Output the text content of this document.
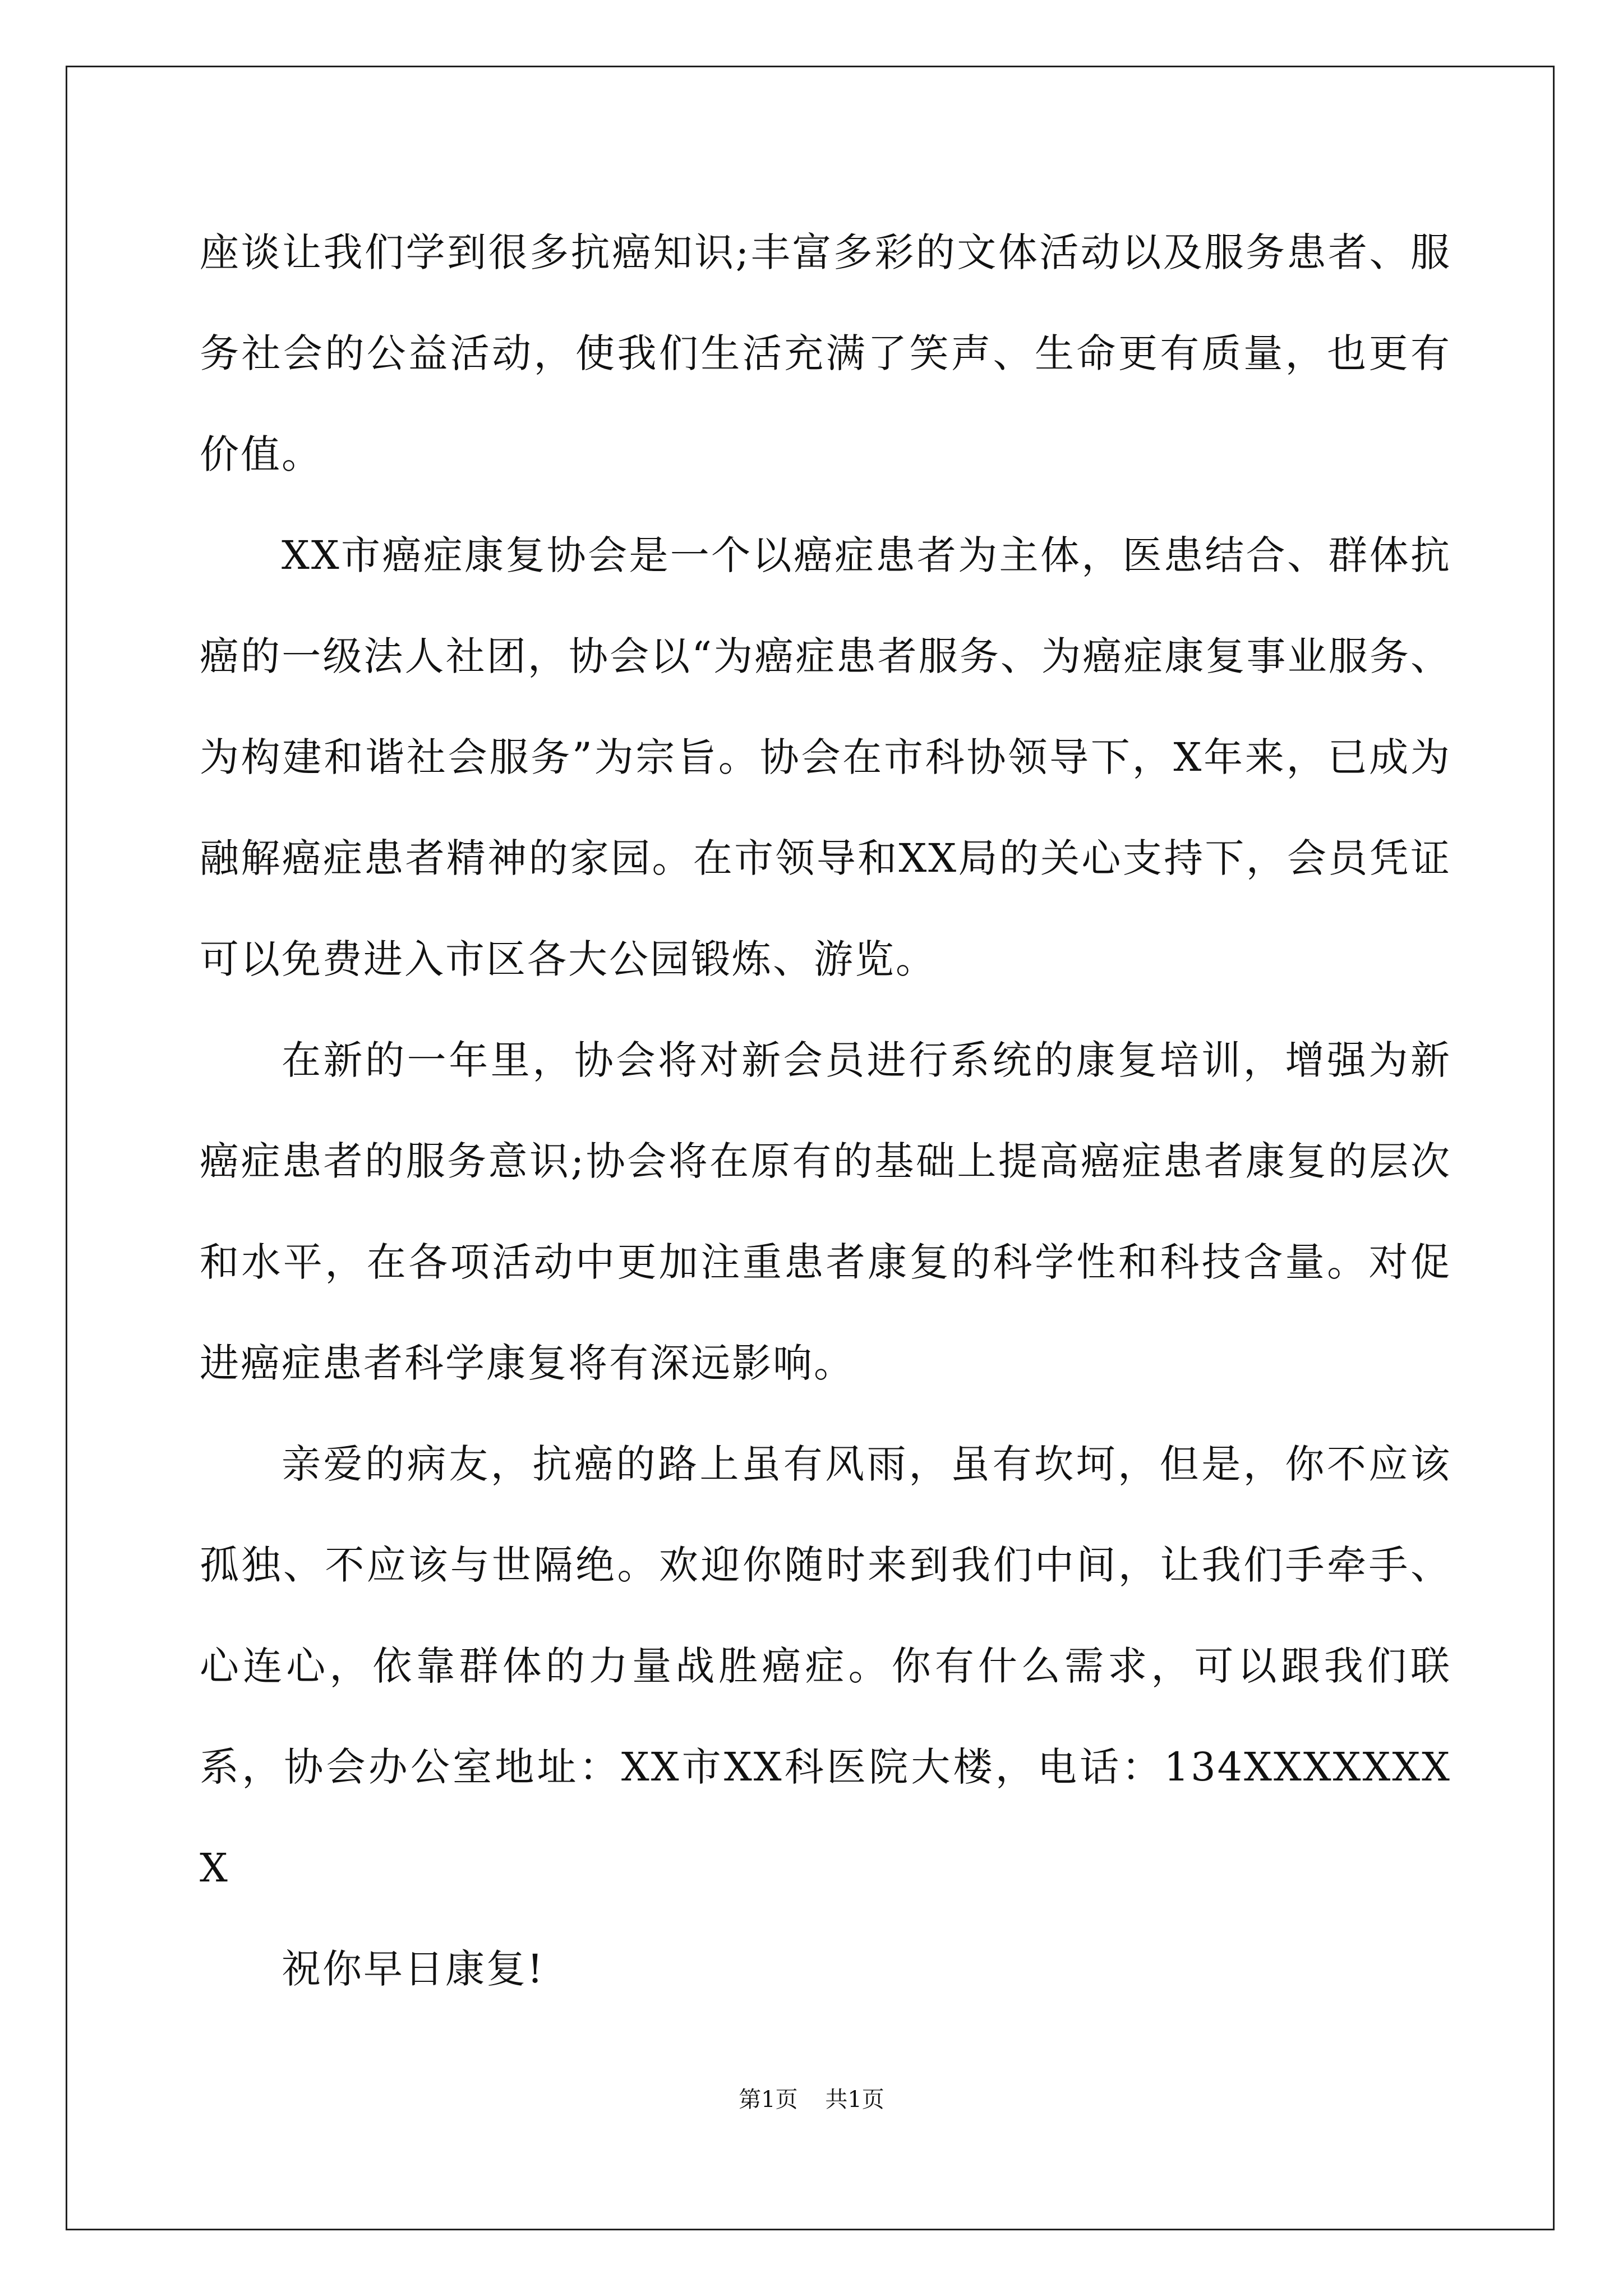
座谈让我们学到很多抗癌知识;丰富多彩的文体活动以及服务患者、服务社会的公益活动，使我们生活充满了笑声、生命更有质量，也更有价值。

XX市癌症康复协会是一个以癌症患者为主体，医患结合、群体抗癌的一级法人社团，协会以“为癌症患者服务、为癌症康复事业服务、为构建和谐社会服务”为宗旨。协会在市科协领导下，X年来，已成为融解癌症患者精神的家园。在市领导和XX局的关心支持下，会员凭证可以免费进入市区各大公园锻炼、游览。

在新的一年里，协会将对新会员进行系统的康复培训，增强为新癌症患者的服务意识;协会将在原有的基础上提高癌症患者康复的层次和水平，在各项活动中更加注重患者康复的科学性和科技含量。对促进癌症患者科学康复将有深远影响。

亲爱的病友，抗癌的路上虽有风雨，虽有坎坷，但是，你不应该孤独、不应该与世隔绝。欢迎你随时来到我们中间，让我们手牵手、心连心，依靠群体的力量战胜癌症。你有什么需求，可以跟我们联系，协会办公室地址：XX市XX科医院大楼，电话：134XXXXXXXX

祝你早日康复!

第1页 共1页
